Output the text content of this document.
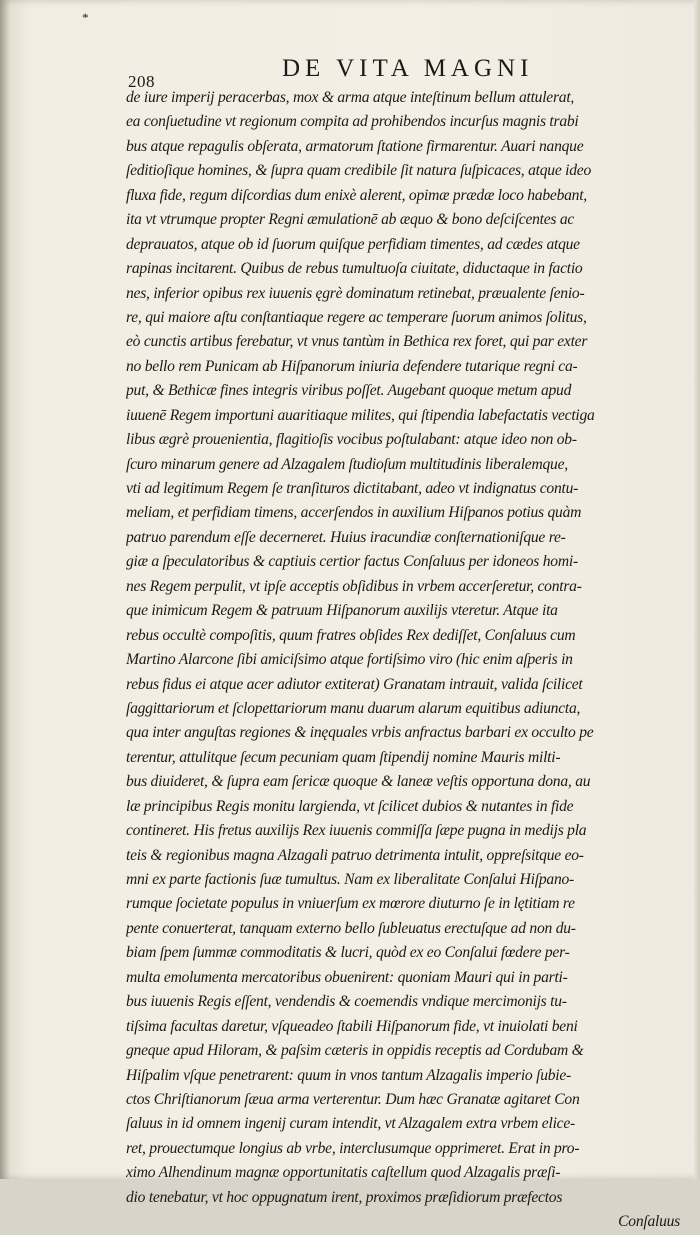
*
208	DE VITA MAGNI
de iure imperij peracerbas, mox & arma atque inteſtinum bellum attulerat,
ea conſuetudine vt regionum compita ad prohibendos incurſus magnis trabi
bus atque repagulis obſerata, armatorum ſtatione firmarentur. Auari nanque
ſeditioſique homines, & ſupra quam credibile ſit natura ſuſpicaces, atque ideo
fluxa fide, regum diſcordias dum enixè alerent, opimæ prædæ loco habebant,
ita vt vtrumque propter Regni æmulationē ab æquo & bono deſciſcentes ac
deprauatos, atque ob id ſuorum quiſque perfidiam timentes, ad cædes atque
rapinas incitarent. Quibus de rebus tumultuoſa ciuitate, diductaque in factio
nes, inferior opibus rex iuuenis ęgrè dominatum retinebat, præualente ſenio-
re, qui maiore aſtu conſtantiaque regere ac temperare ſuorum animos ſolitus,
eò cunctis artibus ferebatur, vt vnus tantùm in Bethica rex foret, qui par exter
no bello rem Punicam ab Hiſpanorum iniuria defendere tutarique regni ca-
put, & Bethicæ fines integris viribus poſſet. Augebant quoque metum apud
iuuenē Regem importuni auaritiaque milites, qui ſtipendia labefactatis vectiga
libus ægrè prouenientia, flagitioſis vocibus poſtulabant: atque ideo non ob-
ſcuro minarum genere ad Alzagalem ſtudioſum multitudinis liberalemque,
vti ad legitimum Regem ſe tranſituros dictitabant, adeo vt indignatus contu-
meliam, et perfidiam timens, accerſendos in auxilium Hiſpanos potius quàm
patruo parendum eſſe decerneret. Huius iracundiæ conſternationiſque re-
giæ a ſpeculatoribus & captiuis certior factus Conſaluus per idoneos homi-
nes Regem perpulit, vt ipſe acceptis obſidibus in vrbem accerſeretur, contra-
que inimicum Regem & patruum Hiſpanorum auxilijs vteretur. Atque ita
rebus occultè compoſitis, quum fratres obſides Rex dediſſet, Conſaluus cum
Martino Alarcone ſibi amiciſsimo atque fortiſsimo viro (hic enim aſperis in
rebus fidus ei atque acer adiutor extiterat) Granatam intrauit, valida ſcilicet
ſaggittariorum et ſclopettariorum manu duarum alarum equitibus adiuncta,
qua inter anguſtas regiones & inęquales vrbis anfractus barbari ex occulto pe
terentur, attulitque ſecum pecuniam quam ſtipendij nomine Mauris milti-
bus diuideret, & ſupra eam ſericæ quoque & laneæ veſtis opportuna dona, au
læ principibus Regis monitu largienda, vt ſcilicet dubios & nutantes in fide
contineret. His fretus auxilijs Rex iuuenis commiſſa ſæpe pugna in medijs pla
teis & regionibus magna Alzagali patruo detrimenta intulit, oppreſsitque eo-
mni ex parte factionis ſuæ tumultus. Nam ex liberalitate Conſalui Hiſpano-
rumque ſocietate populus in vniuerſum ex mœrore diuturno ſe in lętitiam re
pente conuerterat, tanquam externo bello ſubleuatus erectuſque ad non du-
biam ſpem ſummæ commoditatis & lucri, quòd ex eo Conſalui fœdere per-
multa emolumenta mercatoribus obuenirent: quoniam Mauri qui in parti-
bus iuuenis Regis eſſent, vendendis & coemendis vndique mercimonijs tu-
tiſsima facultas daretur, vſqueadeo ſtabili Hiſpanorum fide, vt inuiolati beni
gneque apud Hiloram, & paſsim cæteris in oppidis receptis ad Cordubam &
Hiſpalim vſque penetrarent: quum in vnos tantum Alzagalis imperio ſubie-
ctos Chriſtianorum ſæua arma verterentur. Dum hæc Granatæ agitaret Con
ſaluus in id omnem ingenij curam intendit, vt Alzagalem extra vrbem elice-
ret, prouectumque longius ab vrbe, interclusumque opprimeret. Erat in pro-
ximo Alhendinum magnæ opportunitatis caſtellum quod Alzagalis præſi-
dio tenebatur, vt hoc oppugnatum irent, proximos præſidiorum præfectos
Conſaluus
